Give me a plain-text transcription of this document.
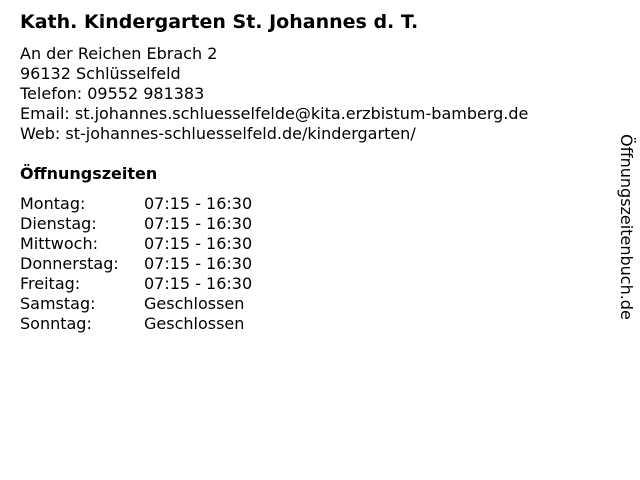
Kath. Kindergarten St. Johannes d. T.
An der Reichen Ebrach 2
96132 Schlüsselfeld
Telefon: 09552 981383
Email: st.johannes.schluesselfelde@kita.erzbistum-bamberg.de
Web: st-johannes-schluesselfeld.de/kindergarten/
Öffnungszeiten
Montag:	07:15 - 16:30
Dienstag:	07:15 - 16:30
Mittwoch:	07:15 - 16:30
Donnerstag: 07:15 - 16:30
Freitag:	07:15 - 16:30
Samstag:	Geschlossen
Sonntag:	Geschlossen
Öffnungszeitenbuch.de
